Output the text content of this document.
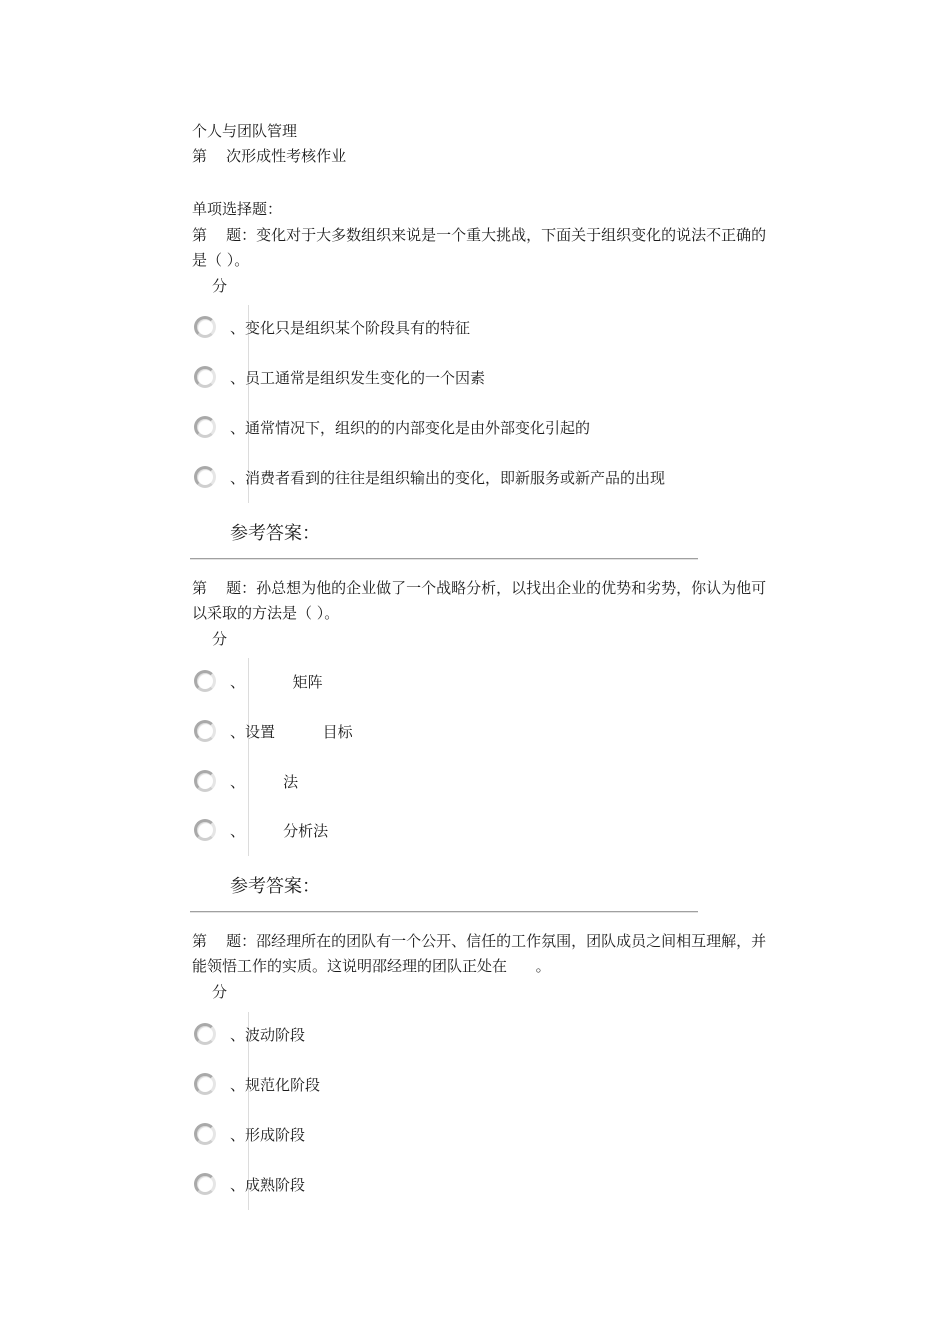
个人与团队管理
第    次形成性考核作业
单项选择题：
第    题：变化对于大多数组织来说是一个重大挑战，下面关于组织变化的说法不正确的是（ ）。
分
、变化只是组织某个阶段具有的特征
、员工通常是组织发生变化的一个因素
、通常情况下，组织的的内部变化是由外部变化引起的
、消费者看到的往往是组织输出的变化，即新服务或新产品的出现
参考答案：
第    题：孙总想为他的企业做了一个战略分析，以找出企业的优势和劣势，你认为他可以采取的方法是（ ）。
分
、          矩阵
、设置          目标
、        法
、        分析法
参考答案：
第    题：邵经理所在的团队有一个公开、信任的工作氛围，团队成员之间相互理解，并能领悟工作的实质。这说明邵经理的团队正处在      。
分
、波动阶段
、规范化阶段
、形成阶段
、成熟阶段
